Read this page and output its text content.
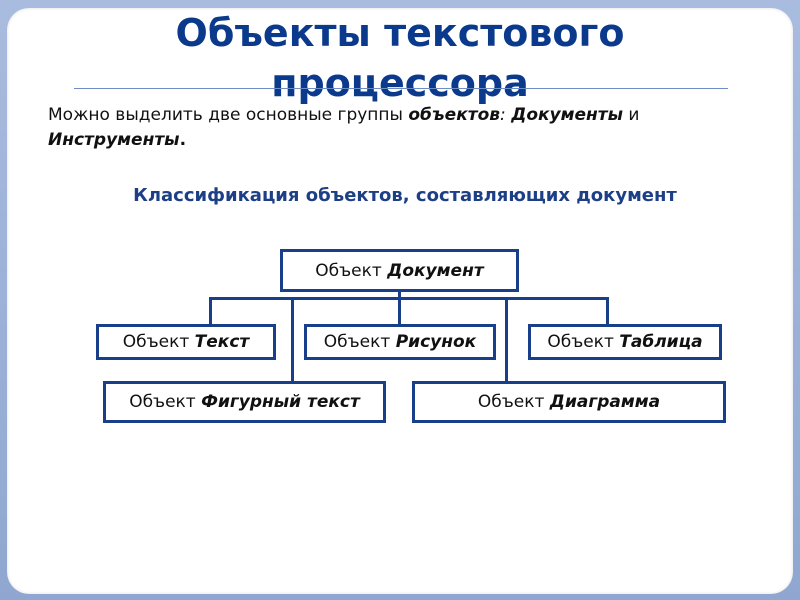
Объекты текстового
процессора
Можно выделить две основные группы объектов: Документы и Инструменты.
Классификация объектов, составляющих документ
Объект Документ
Объект Текст	Объект Рисунок	Объект Таблица
Объект Фигурный текст	Объект Диаграмма
